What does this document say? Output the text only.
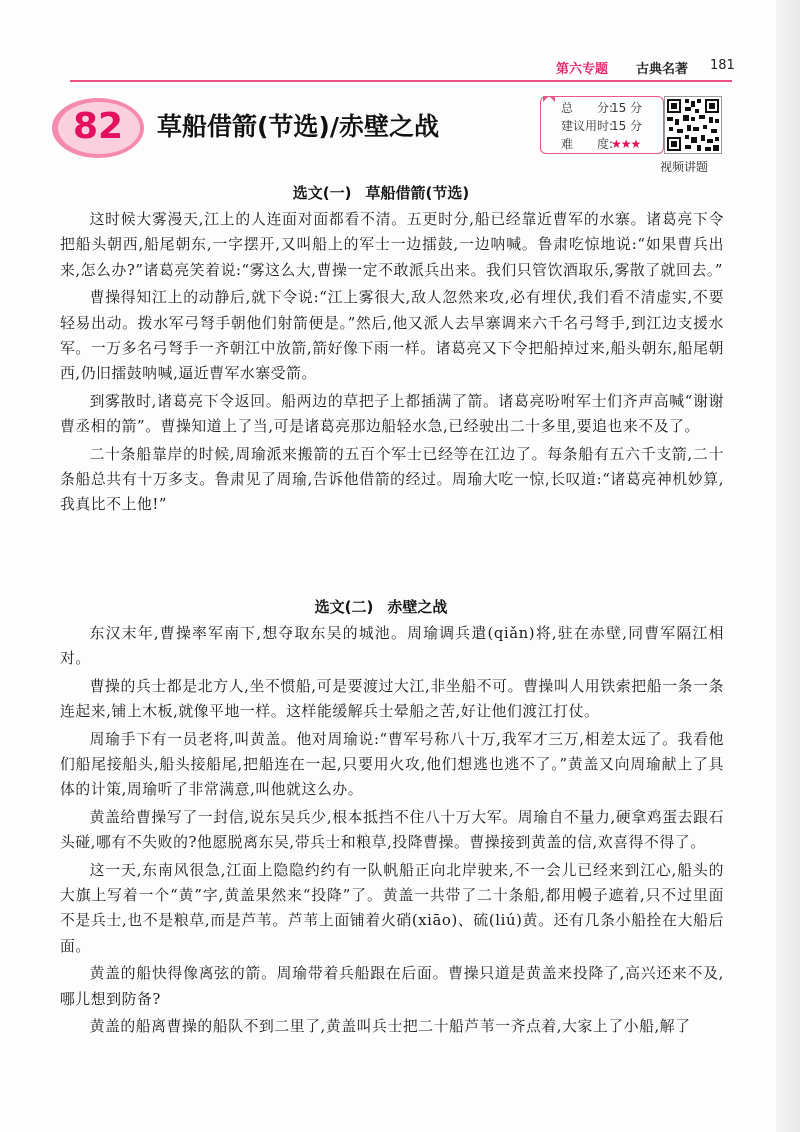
第六专题 古典名著 181
82	草船借箭(节选)/赤壁之战
总　　分:15 分
建议用时:15 分
难　　度:★★★
视频讲题
选文(一) 草船借箭(节选)

这时候大雾漫天,江上的人连面对面都看不清。五更时分,船已经靠近曹军的水寨。诸葛亮下令把船头朝西,船尾朝东,一字摆开,又叫船上的军士一边擂鼓,一边呐喊。鲁肃吃惊地说:“如果曹兵出来,怎么办?”诸葛亮笑着说:“雾这么大,曹操一定不敢派兵出来。我们只管饮酒取乐,雾散了就回去。”

曹操得知江上的动静后,就下令说:“江上雾很大,敌人忽然来攻,必有埋伏,我们看不清虚实,不要轻易出动。拨水军弓弩手朝他们射箭便是。”然后,他又派人去旱寨调来六千名弓弩手,到江边支援水军。一万多名弓弩手一齐朝江中放箭,箭好像下雨一样。诸葛亮又下令把船掉过来,船头朝东,船尾朝西,仍旧擂鼓呐喊,逼近曹军水寨受箭。

到雾散时,诸葛亮下令返回。船两边的草把子上都插满了箭。诸葛亮吩咐军士们齐声高喊“谢谢曹丞相的箭”。曹操知道上了当,可是诸葛亮那边船轻水急,已经驶出二十多里,要追也来不及了。

二十条船靠岸的时候,周瑜派来搬箭的五百个军士已经等在江边了。每条船有五六千支箭,二十条船总共有十万多支。鲁肃见了周瑜,告诉他借箭的经过。周瑜大吃一惊,长叹道:“诸葛亮神机妙算,我真比不上他!”

选文(二) 赤壁之战

东汉末年,曹操率军南下,想夺取东吴的城池。周瑜调兵遣(qiǎn)将,驻在赤壁,同曹军隔江相对。

曹操的兵士都是北方人,坐不惯船,可是要渡过大江,非坐船不可。曹操叫人用铁索把船一条一条连起来,铺上木板,就像平地一样。这样能缓解兵士晕船之苦,好让他们渡江打仗。

周瑜手下有一员老将,叫黄盖。他对周瑜说:“曹军号称八十万,我军才三万,相差太远了。我看他们船尾接船头,船头接船尾,把船连在一起,只要用火攻,他们想逃也逃不了。”黄盖又向周瑜献上了具体的计策,周瑜听了非常满意,叫他就这么办。

黄盖给曹操写了一封信,说东吴兵少,根本抵挡不住八十万大军。周瑜自不量力,硬拿鸡蛋去跟石头碰,哪有不失败的?他愿脱离东吴,带兵士和粮草,投降曹操。曹操接到黄盖的信,欢喜得不得了。

这一天,东南风很急,江面上隐隐约约有一队帆船正向北岸驶来,不一会儿已经来到江心,船头的大旗上写着一个“黄”字,黄盖果然来“投降”了。黄盖一共带了二十条船,都用幔子遮着,只不过里面不是兵士,也不是粮草,而是芦苇。芦苇上面铺着火硝(xiāo)、硫(liú)黄。还有几条小船拴在大船后面。

黄盖的船快得像离弦的箭。周瑜带着兵船跟在后面。曹操只道是黄盖来投降了,高兴还来不及,哪儿想到防备?

黄盖的船离曹操的船队不到二里了,黄盖叫兵士把二十船芦苇一齐点着,大家上了小船,解了
